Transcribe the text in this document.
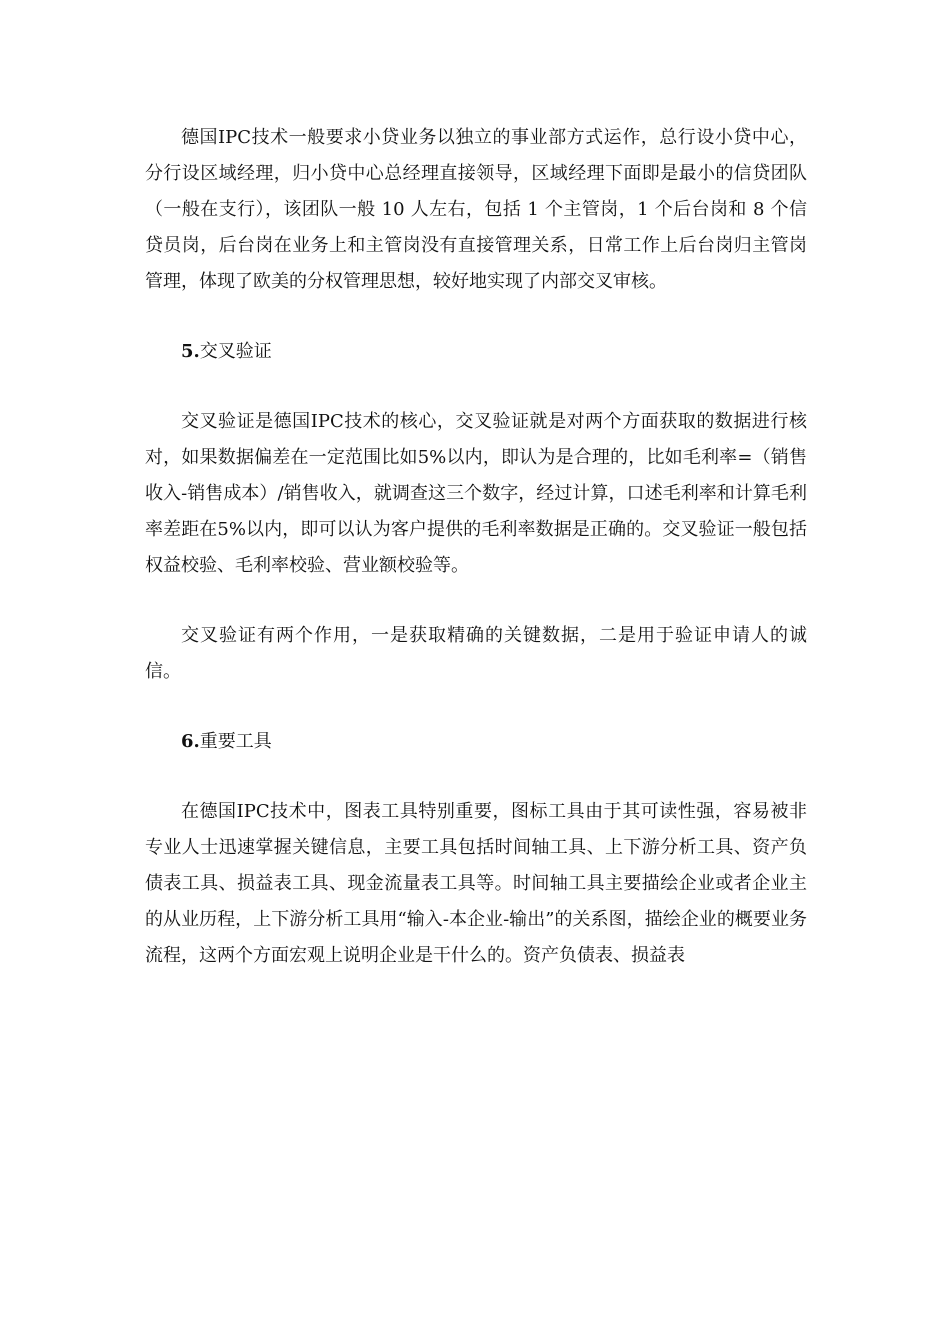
德国IPC技术一般要求小贷业务以独立的事业部方式运作，总行设小贷中心，分行设区域经理，归小贷中心总经理直接领导，区域经理下面即是最小的信贷团队（一般在支行），该团队一般 10 人左右，包括 1 个主管岗，1 个后台岗和 8 个信贷员岗，后台岗在业务上和主管岗没有直接管理关系，日常工作上后台岗归主管岗管理，体现了欧美的分权管理思想，较好地实现了内部交叉审核。

5.交叉验证

交叉验证是德国IPC技术的核心，交叉验证就是对两个方面获取的数据进行核对，如果数据偏差在一定范围比如5%以内，即认为是合理的，比如毛利率=（销售收入-销售成本）/销售收入，就调查这三个数字，经过计算，口述毛利率和计算毛利率差距在5%以内，即可以认为客户提供的毛利率数据是正确的。交叉验证一般包括权益校验、毛利率校验、营业额校验等。

交叉验证有两个作用，一是获取精确的关键数据，二是用于验证申请人的诚信。

6.重要工具

在德国IPC技术中，图表工具特别重要，图标工具由于其可读性强，容易被非专业人士迅速掌握关键信息，主要工具包括时间轴工具、上下游分析工具、资产负债表工具、损益表工具、现金流量表工具等。时间轴工具主要描绘企业或者企业主的从业历程，上下游分析工具用“输入-本企业-输出”的关系图，描绘企业的概要业务流程，这两个方面宏观上说明企业是干什么的。资产负债表、损益表
